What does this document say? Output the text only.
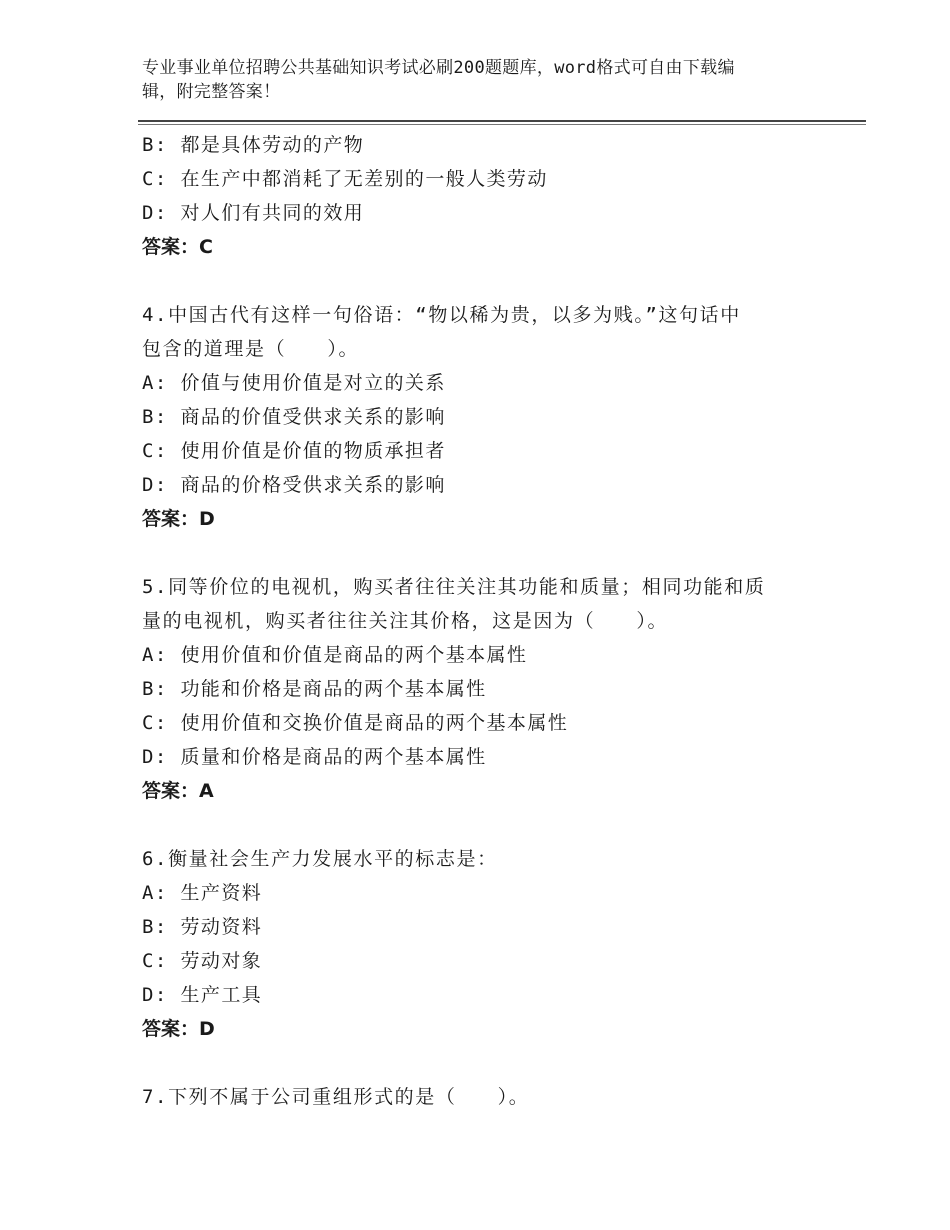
专业事业单位招聘公共基础知识考试必刷200题题库，word格式可自由下载编
辑，附完整答案！
B: 都是具体劳动的产物
C: 在生产中都消耗了无差别的一般人类劳动
D: 对人们有共同的效用
答案：C
4.中国古代有这样一句俗语：“物以稀为贵，以多为贱。”这句话中
包含的道理是（　　）。
A: 价值与使用价值是对立的关系
B: 商品的价值受供求关系的影响
C: 使用价值是价值的物质承担者
D: 商品的价格受供求关系的影响
答案：D
5.同等价位的电视机，购买者往往关注其功能和质量；相同功能和质
量的电视机，购买者往往关注其价格，这是因为（　　）。
A: 使用价值和价值是商品的两个基本属性
B: 功能和价格是商品的两个基本属性
C: 使用价值和交换价值是商品的两个基本属性
D: 质量和价格是商品的两个基本属性
答案：A
6.衡量社会生产力发展水平的标志是：
A: 生产资料
B: 劳动资料
C: 劳动对象
D: 生产工具
答案：D
7.下列不属于公司重组形式的是（　　）。
